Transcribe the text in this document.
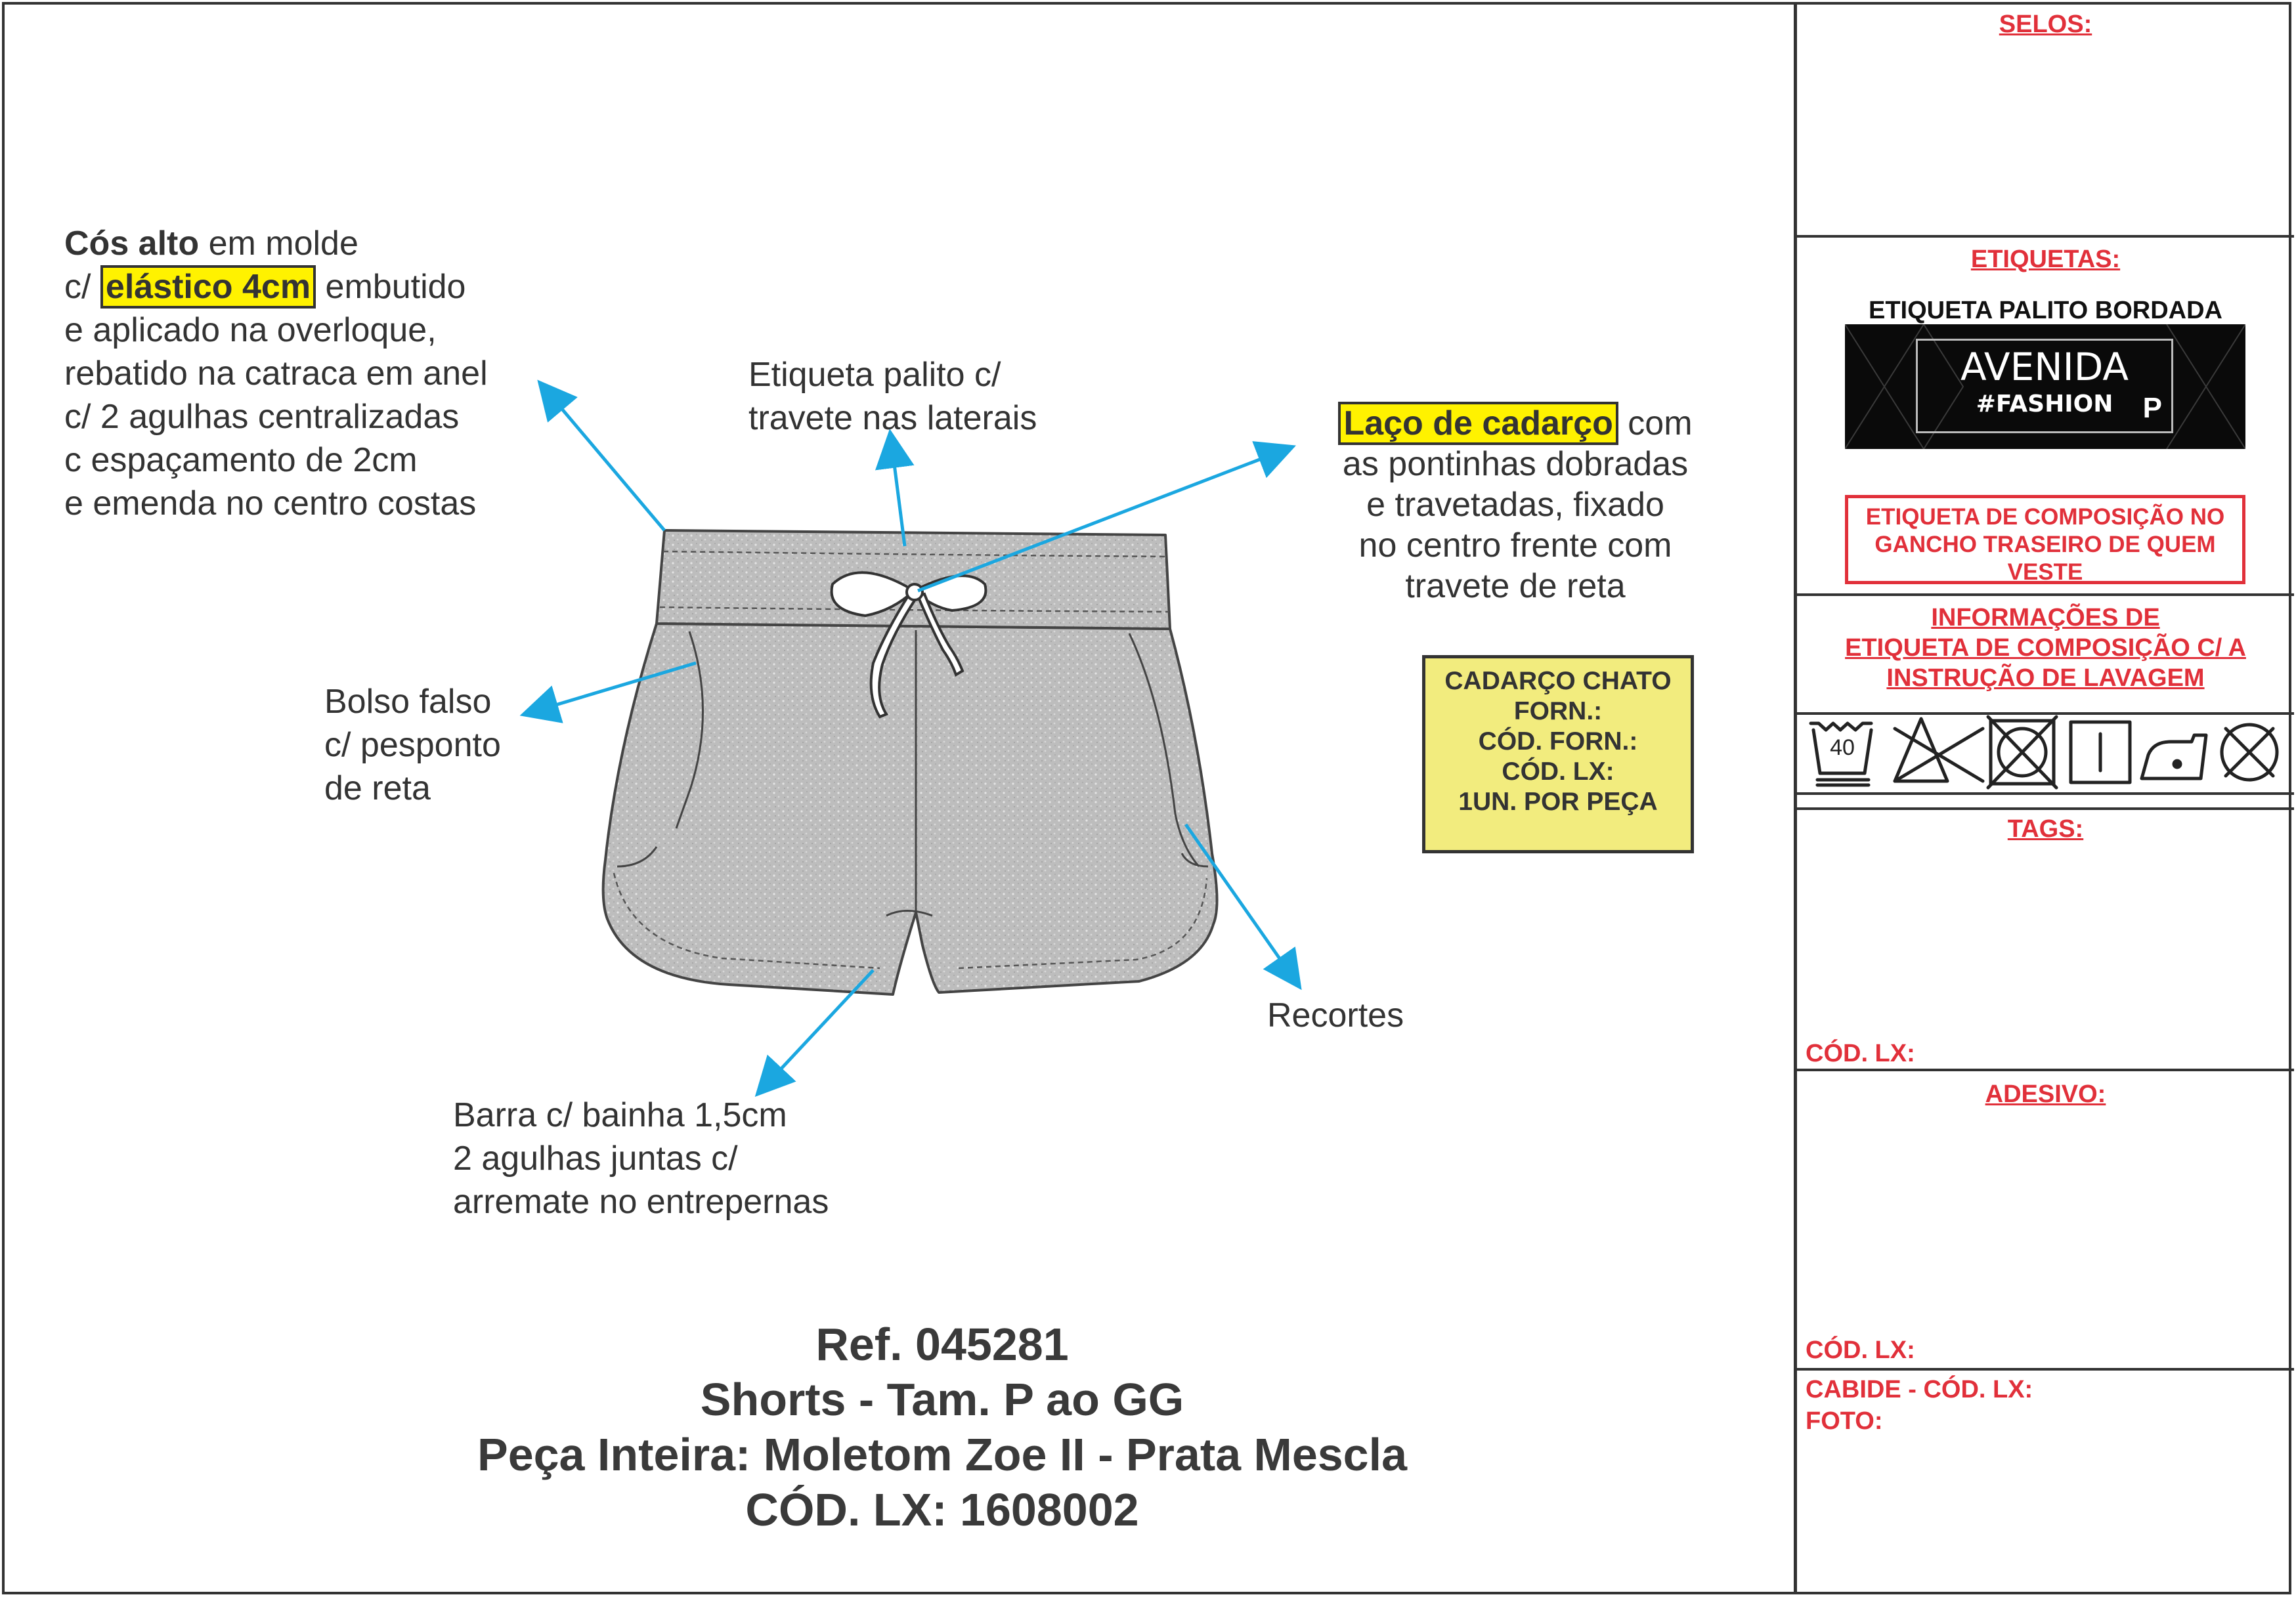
SELOS:
ETIQUETAS:
ETIQUETA PALITO BORDADA
AVENIDA
#FASHION P
ETIQUETA DE COMPOSIÇÃO NO
GANCHO TRASEIRO DE QUEM
VESTE
INFORMAÇÕES DE
ETIQUETA DE COMPOSIÇÃO C/ A
INSTRUÇÃO DE LAVAGEM
40
TAGS:
CÓD. LX:
ADESIVO:
CÓD. LX:
CABIDE - CÓD. LX:
FOTO:
Cós alto em molde
c/ elástico 4cm embutido
e aplicado na overloque,
rebatido na catraca em anel
c/ 2 agulhas centralizadas
c espaçamento de 2cm
e emenda no centro costas
Etiqueta palito c/
travete nas laterais	Laço de cadarço com
as pontinhas dobradas
e travetadas, fixado
no centro frente com
travete de reta
Bolso falso
c/ pesponto
de reta
Recortes
Barra c/ bainha 1,5cm
2 agulhas juntas c/
arremate no entrepernas
CADARÇO CHATO
FORN.:
CÓD. FORN.:
CÓD. LX:
1UN. POR PEÇA
Ref. 045281
Shorts - Tam. P ao GG
Peça Inteira: Moletom Zoe II - Prata Mescla
CÓD. LX: 1608002
